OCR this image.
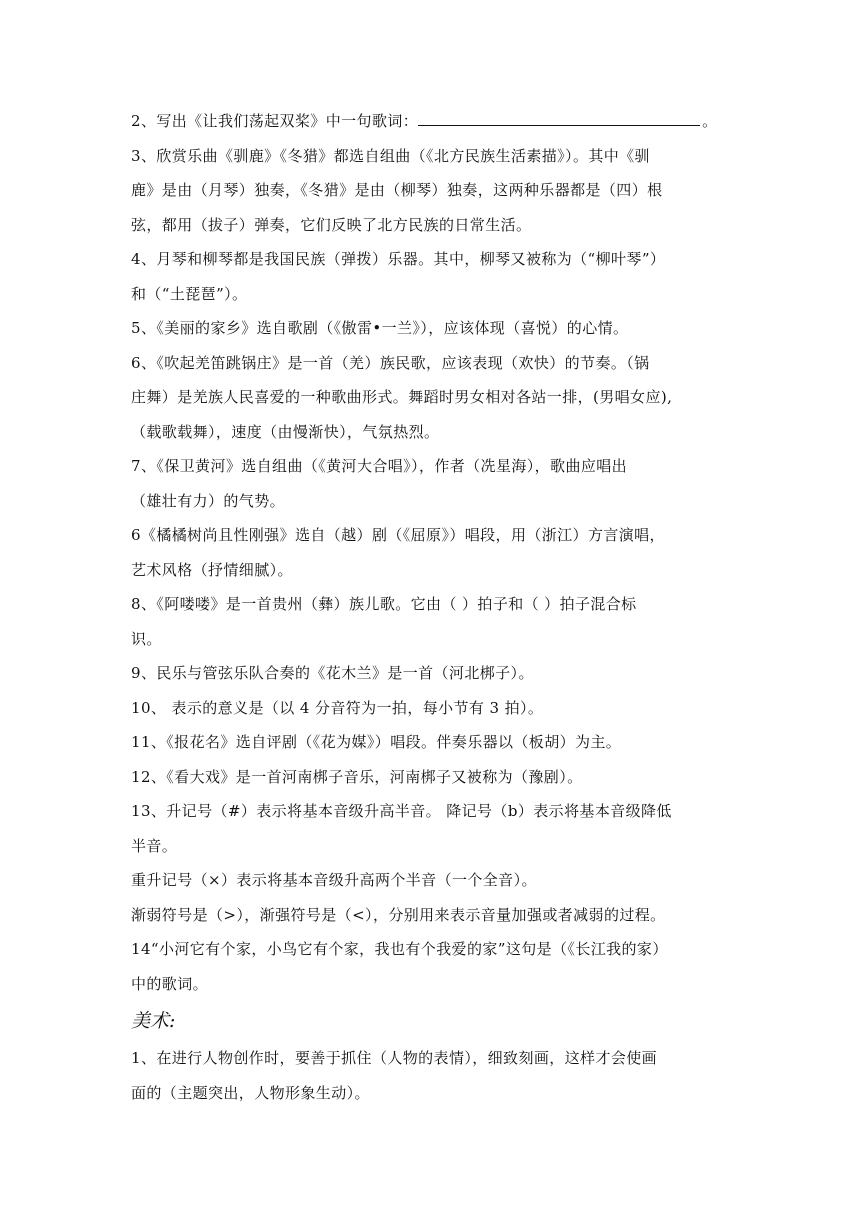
2、写出《让我们荡起双桨》中一句歌词：	。

3、欣赏乐曲《驯鹿》《冬猎》都选自组曲（《北方民族生活素描》）。其中《驯

鹿》是由（月琴）独奏，《冬猎》是由（柳琴）独奏，这两种乐器都是（四）根

弦，都用（拔子）弹奏，它们反映了北方民族的日常生活。

4、月琴和柳琴都是我国民族（弹拨）乐器。其中，柳琴又被称为（“柳叶琴”）

和（“土琵琶”）。

5、《美丽的家乡》选自歌剧（《傲雷•一兰》），应该体现（喜悦）的心情。

6、《吹起羌笛跳锅庄》是一首（羌）族民歌，应该表现（欢快）的节奏。（锅

庄舞）是羌族人民喜爱的一种歌曲形式。舞蹈时男女相对各站一排，(男唱女应),

（载歌载舞），速度（由慢渐快），气氛热烈。

7、《保卫黄河》选自组曲（《黄河大合唱》），作者（冼星海），歌曲应唱出

（雄壮有力）的气势。

6《橘橘树尚且性刚强》选自（越）剧（《屈原》）唱段，用（浙江）方言演唱，

艺术风格（抒情细腻）。

8、《阿喽喽》是一首贵州（彝）族儿歌。它由（ ）拍子和（ ）拍子混合标

识。

9、民乐与管弦乐队合奏的《花木兰》是一首（河北梆子）。

10、 表示的意义是（以 4 分音符为一拍，每小节有 3 拍）。

11、《报花名》选自评剧（《花为媒》）唱段。伴奏乐器以（板胡）为主。

12、《看大戏》是一首河南梆子音乐，河南梆子又被称为（豫剧）。

13、升记号（#）表示将基本音级升高半音。 降记号（b）表示将基本音级降低

半音。

重升记号（×）表示将基本音级升高两个半音（一个全音）。

渐弱符号是（>），渐强符号是（<），分别用来表示音量加强或者减弱的过程。

14“小河它有个家，小鸟它有个家，我也有个我爱的家”这句是（《长江我的家）

中的歌词。

美术:

1、在进行人物创作时，要善于抓住（人物的表情），细致刻画，这样才会使画

面的（主题突出，人物形象生动）。
